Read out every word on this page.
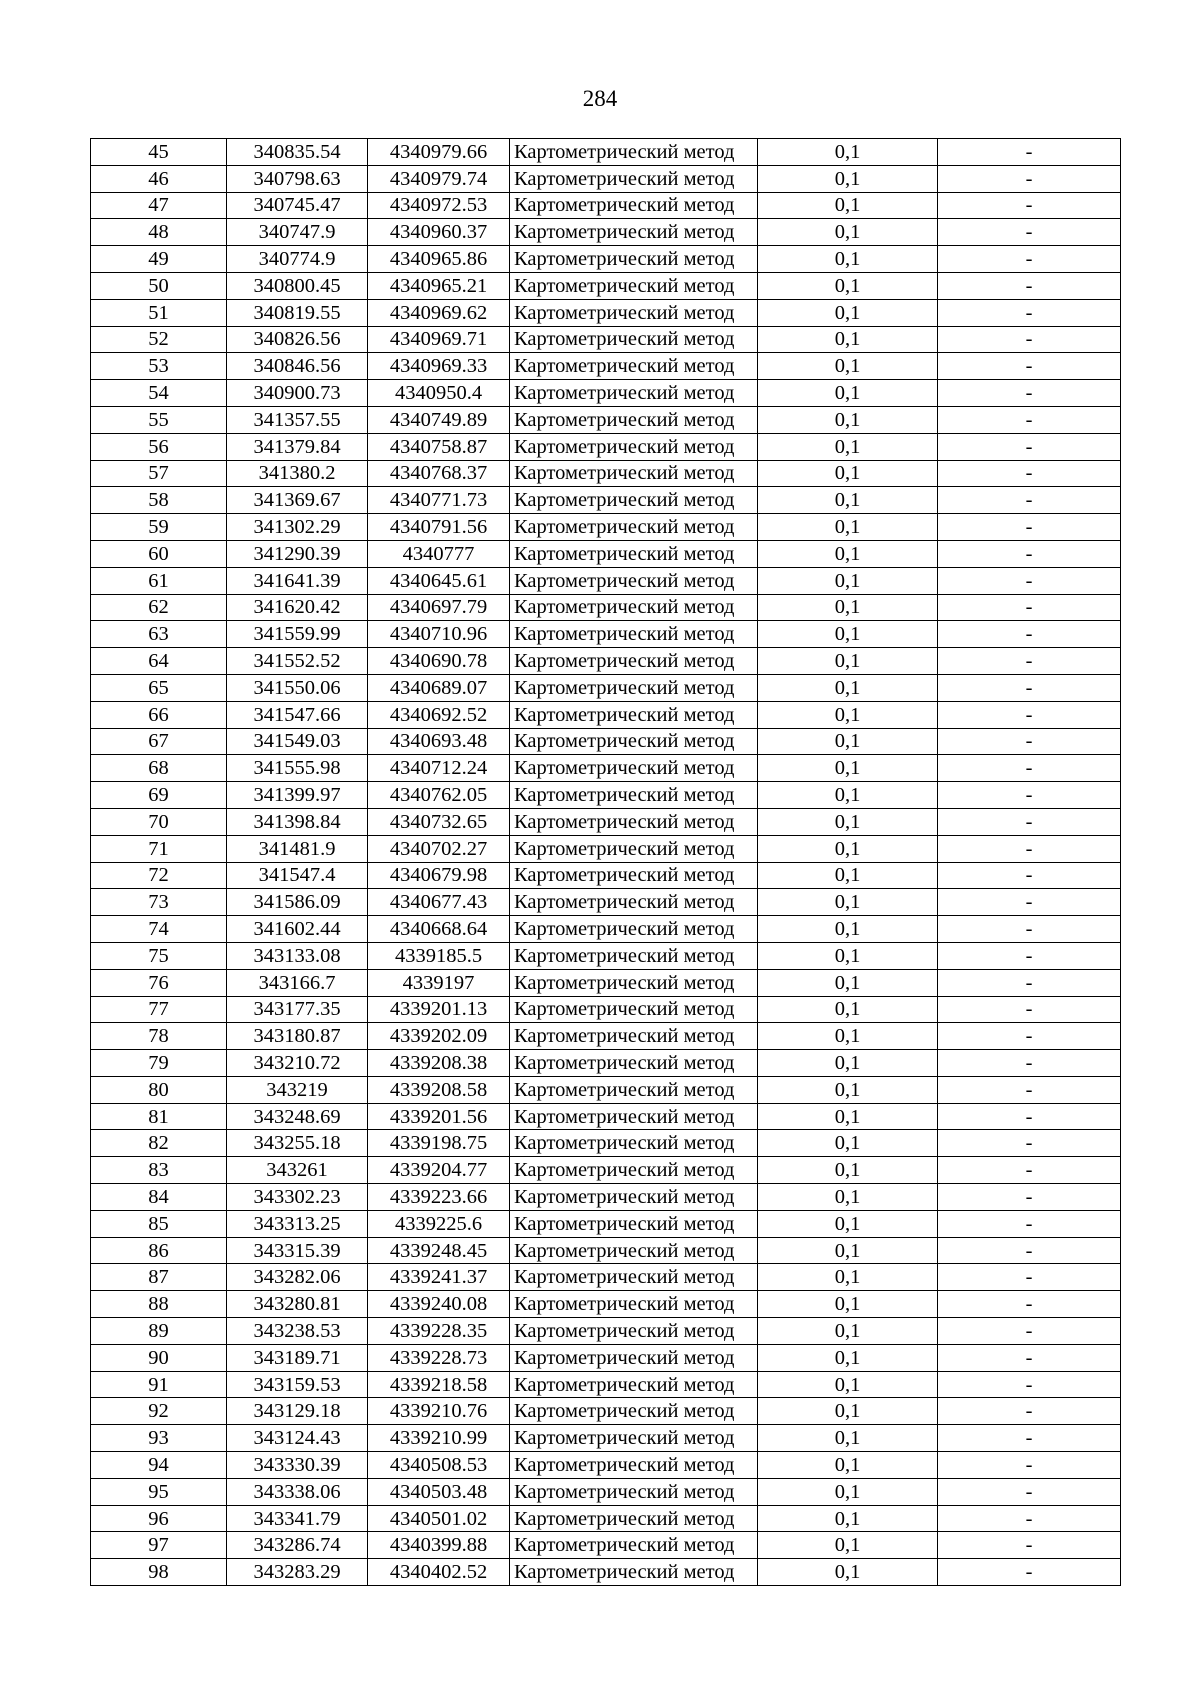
284
45	340835.54	4340979.66	Картометрический метод	0,1	-
46	340798.63	4340979.74	Картометрический метод	0,1	-
47	340745.47	4340972.53	Картометрический метод	0,1	-
48	340747.9	4340960.37	Картометрический метод	0,1	-
49	340774.9	4340965.86	Картометрический метод	0,1	-
50	340800.45	4340965.21	Картометрический метод	0,1	-
51	340819.55	4340969.62	Картометрический метод	0,1	-
52	340826.56	4340969.71	Картометрический метод	0,1	-
53	340846.56	4340969.33	Картометрический метод	0,1	-
54	340900.73	4340950.4	Картометрический метод	0,1	-
55	341357.55	4340749.89	Картометрический метод	0,1	-
56	341379.84	4340758.87	Картометрический метод	0,1	-
57	341380.2	4340768.37	Картометрический метод	0,1	-
58	341369.67	4340771.73	Картометрический метод	0,1	-
59	341302.29	4340791.56	Картометрический метод	0,1	-
60	341290.39	4340777	Картометрический метод	0,1	-
61	341641.39	4340645.61	Картометрический метод	0,1	-
62	341620.42	4340697.79	Картометрический метод	0,1	-
63	341559.99	4340710.96	Картометрический метод	0,1	-
64	341552.52	4340690.78	Картометрический метод	0,1	-
65	341550.06	4340689.07	Картометрический метод	0,1	-
66	341547.66	4340692.52	Картометрический метод	0,1	-
67	341549.03	4340693.48	Картометрический метод	0,1	-
68	341555.98	4340712.24	Картометрический метод	0,1	-
69	341399.97	4340762.05	Картометрический метод	0,1	-
70	341398.84	4340732.65	Картометрический метод	0,1	-
71	341481.9	4340702.27	Картометрический метод	0,1	-
72	341547.4	4340679.98	Картометрический метод	0,1	-
73	341586.09	4340677.43	Картометрический метод	0,1	-
74	341602.44	4340668.64	Картометрический метод	0,1	-
75	343133.08	4339185.5	Картометрический метод	0,1	-
76	343166.7	4339197	Картометрический метод	0,1	-
77	343177.35	4339201.13	Картометрический метод	0,1	-
78	343180.87	4339202.09	Картометрический метод	0,1	-
79	343210.72	4339208.38	Картометрический метод	0,1	-
80	343219	4339208.58	Картометрический метод	0,1	-
81	343248.69	4339201.56	Картометрический метод	0,1	-
82	343255.18	4339198.75	Картометрический метод	0,1	-
83	343261	4339204.77	Картометрический метод	0,1	-
84	343302.23	4339223.66	Картометрический метод	0,1	-
85	343313.25	4339225.6	Картометрический метод	0,1	-
86	343315.39	4339248.45	Картометрический метод	0,1	-
87	343282.06	4339241.37	Картометрический метод	0,1	-
88	343280.81	4339240.08	Картометрический метод	0,1	-
89	343238.53	4339228.35	Картометрический метод	0,1	-
90	343189.71	4339228.73	Картометрический метод	0,1	-
91	343159.53	4339218.58	Картометрический метод	0,1	-
92	343129.18	4339210.76	Картометрический метод	0,1	-
93	343124.43	4339210.99	Картометрический метод	0,1	-
94	343330.39	4340508.53	Картометрический метод	0,1	-
95	343338.06	4340503.48	Картометрический метод	0,1	-
96	343341.79	4340501.02	Картометрический метод	0,1	-
97	343286.74	4340399.88	Картометрический метод	0,1	-
98	343283.29	4340402.52	Картометрический метод	0,1	-
